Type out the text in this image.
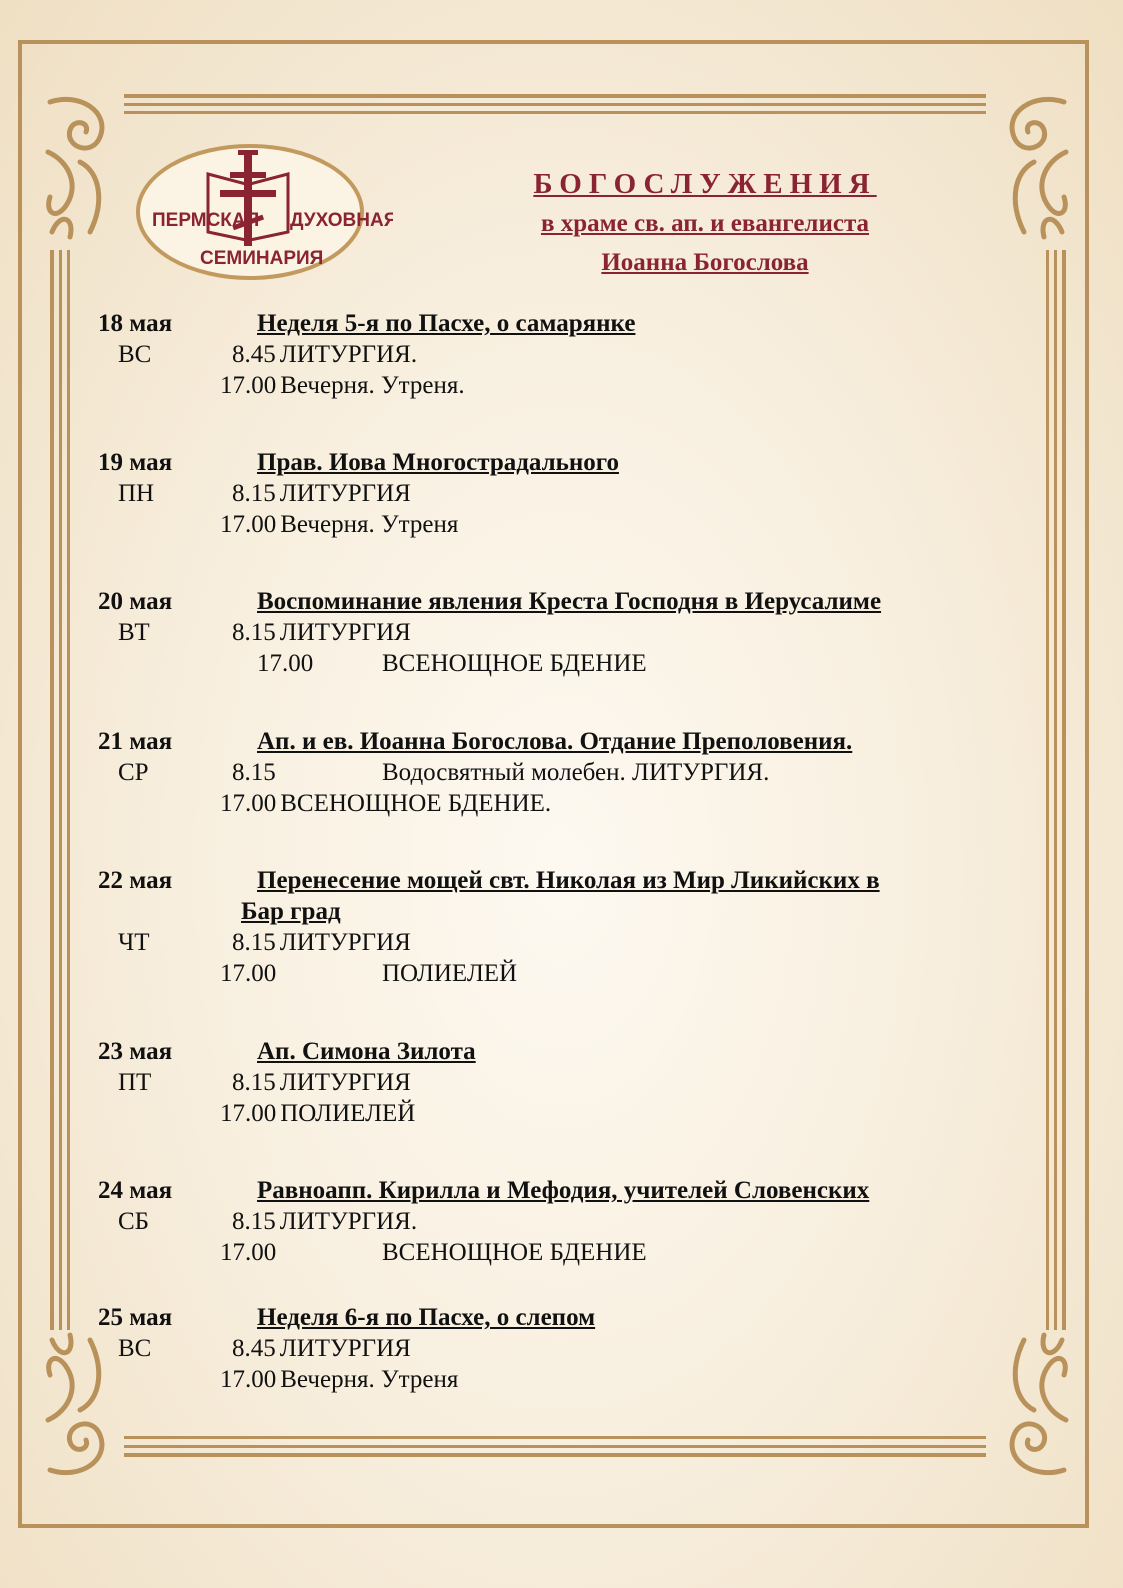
ПЕРМСКАЯ ДУХОВНАЯ
СЕМИНАРИЯ
БОГОСЛУЖЕНИЯ
в храме св. ап. и евангелиста
Иоанна Богослова
18 мая	Неделя 5-я по Пасхе, о самарянке
ВС	8.45 ЛИТУРГИЯ.
17.00 Вечерня. Утреня.
19 мая	Прав. Иова Многострадального
ПН	8.15 ЛИТУРГИЯ
17.00 Вечерня. Утреня
20 мая	Воспоминание явления Креста Господня в Иерусалиме
ВТ	8.15 ЛИТУРГИЯ
17.00	ВСЕНОЩНОЕ БДЕНИЕ
21 мая	Ап. и ев. Иоанна Богослова. Отдание Преполовения.
СР	8.15	Водосвятный молебен. ЛИТУРГИЯ.
17.00 ВСЕНОЩНОЕ БДЕНИЕ.
22 мая	Перенесение мощей свт. Николая из Мир Ликийских в
Бар град
ЧТ	8.15 ЛИТУРГИЯ
17.00	ПОЛИЕЛЕЙ
23 мая	Ап. Симона Зилота
ПТ	8.15 ЛИТУРГИЯ
17.00 ПОЛИЕЛЕЙ
24 мая	Равноапп. Кирилла и Мефодия, учителей Словенских
СБ	8.15 ЛИТУРГИЯ.
17.00	ВСЕНОЩНОЕ БДЕНИЕ
25 мая	Неделя 6-я по Пасхе, о слепом
ВС	8.45 ЛИТУРГИЯ
17.00 Вечерня. Утреня
